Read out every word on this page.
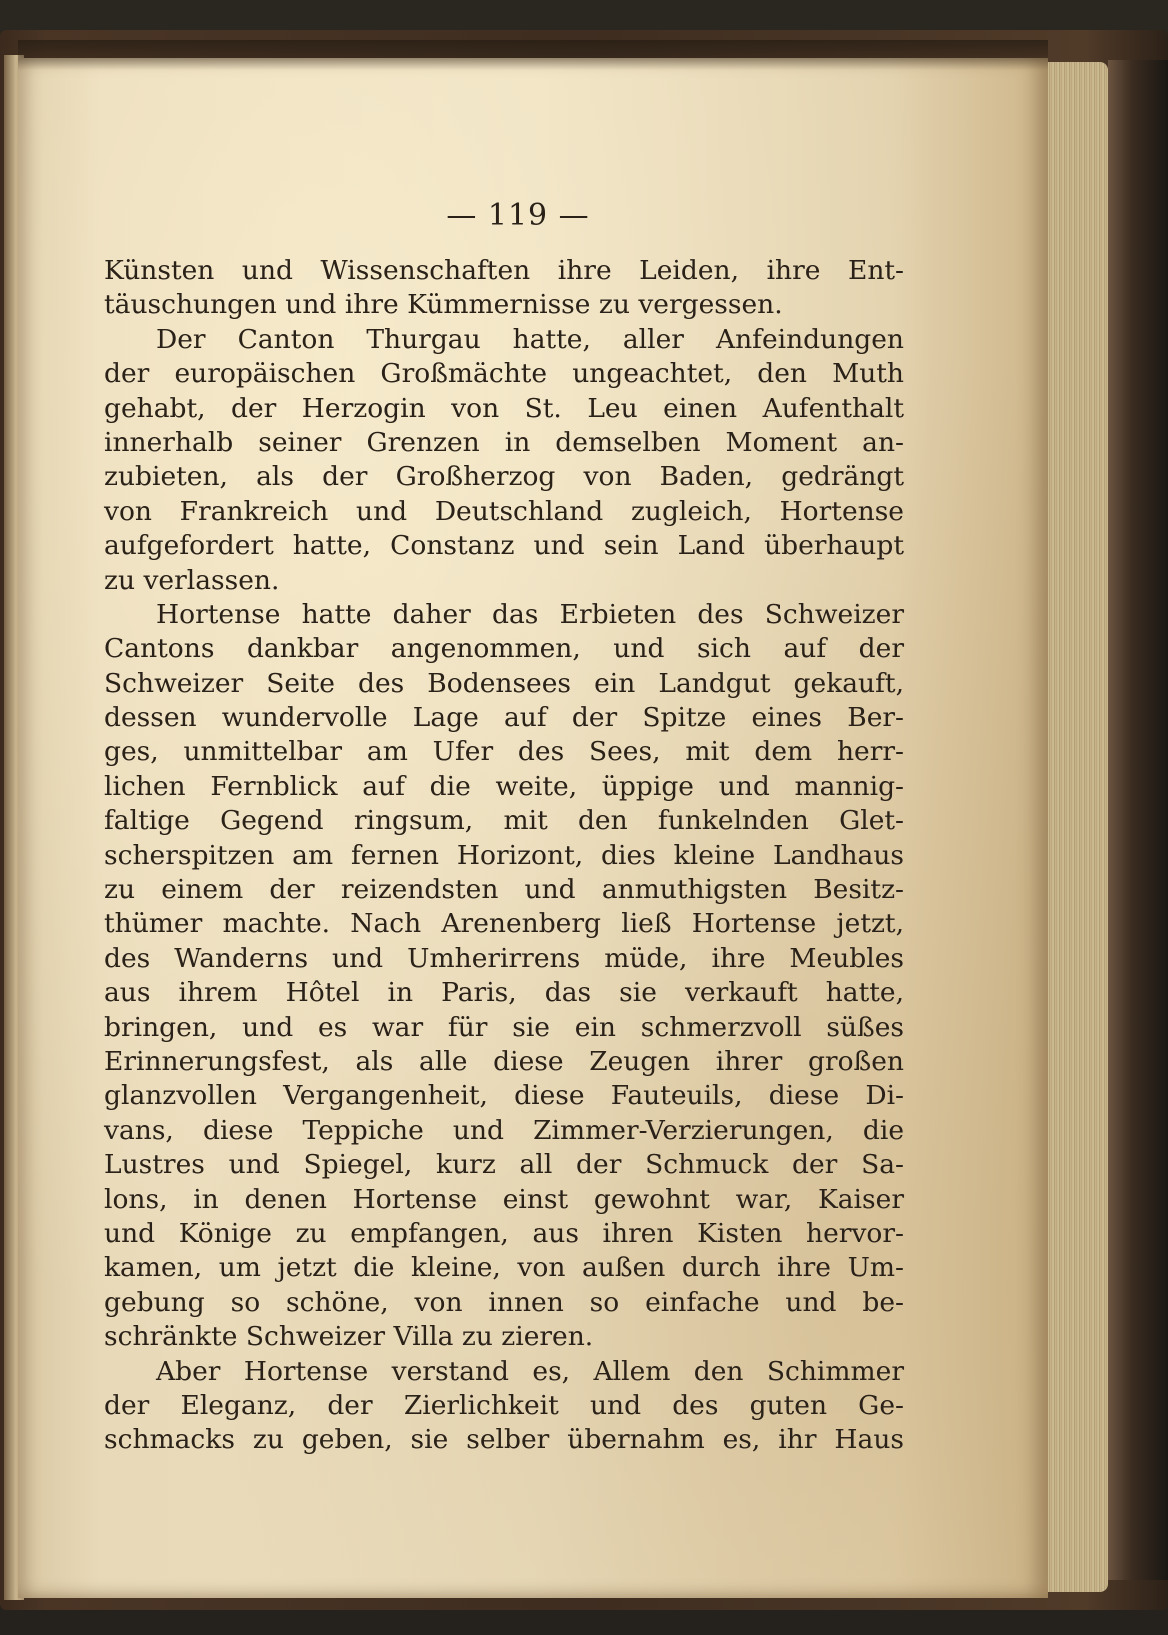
— 119 —
Künsten und Wissenschaften ihre Leiden, ihre Ent-
täuschungen und ihre Kümmernisse zu vergessen.
Der Canton Thurgau hatte, aller Anfeindungen
der europäischen Großmächte ungeachtet, den Muth
gehabt, der Herzogin von St. Leu einen Aufenthalt
innerhalb seiner Grenzen in demselben Moment an-
zubieten, als der Großherzog von Baden, gedrängt
von Frankreich und Deutschland zugleich, Hortense
aufgefordert hatte, Constanz und sein Land überhaupt
zu verlassen.
Hortense hatte daher das Erbieten des Schweizer
Cantons dankbar angenommen, und sich auf der
Schweizer Seite des Bodensees ein Landgut gekauft,
dessen wundervolle Lage auf der Spitze eines Ber-
ges, unmittelbar am Ufer des Sees, mit dem herr-
lichen Fernblick auf die weite, üppige und mannig-
faltige Gegend ringsum, mit den funkelnden Glet-
scherspitzen am fernen Horizont, dies kleine Landhaus
zu einem der reizendsten und anmuthigsten Besitz-
thümer machte. Nach Arenenberg ließ Hortense jetzt,
des Wanderns und Umherirrens müde, ihre Meubles
aus ihrem Hôtel in Paris, das sie verkauft hatte,
bringen, und es war für sie ein schmerzvoll süßes
Erinnerungsfest, als alle diese Zeugen ihrer großen
glanzvollen Vergangenheit, diese Fauteuils, diese Di-
vans, diese Teppiche und Zimmer-Verzierungen, die
Lustres und Spiegel, kurz all der Schmuck der Sa-
lons, in denen Hortense einst gewohnt war, Kaiser
und Könige zu empfangen, aus ihren Kisten hervor-
kamen, um jetzt die kleine, von außen durch ihre Um-
gebung so schöne, von innen so einfache und be-
schränkte Schweizer Villa zu zieren.
Aber Hortense verstand es, Allem den Schimmer
der Eleganz, der Zierlichkeit und des guten Ge-
schmacks zu geben, sie selber übernahm es, ihr Haus
